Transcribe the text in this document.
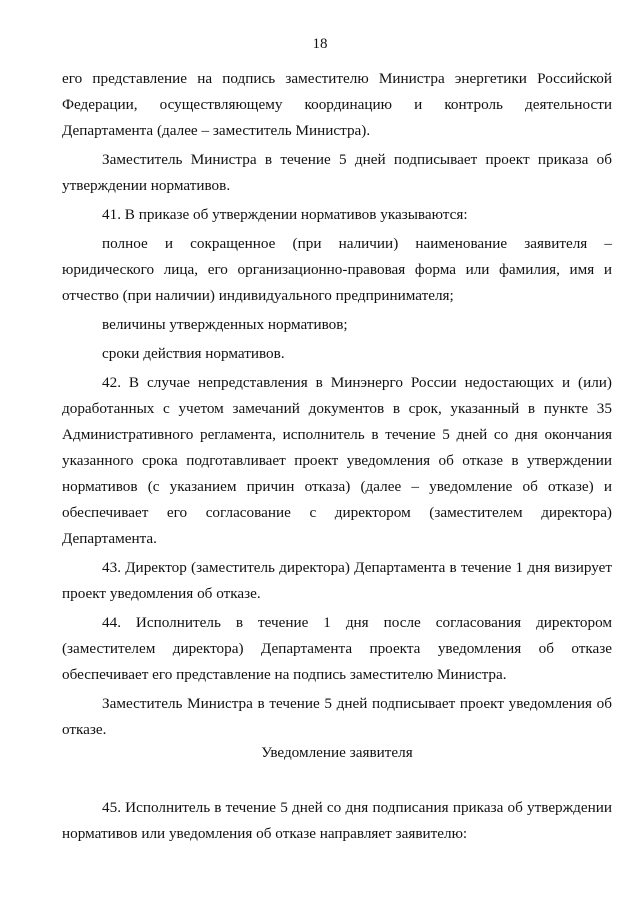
18

его представление на подпись заместителю Министра энергетики Российской Федерации, осуществляющему координацию и контроль деятельности Департамента (далее – заместитель Министра).

Заместитель Министра в течение 5 дней подписывает проект приказа об утверждении нормативов.

41. В приказе об утверждении нормативов указываются:

полное и сокращенное (при наличии) наименование заявителя – юридического лица, его организационно-правовая форма или фамилия, имя и отчество (при наличии) индивидуального предпринимателя;

величины утвержденных нормативов;

сроки действия нормативов.

42. В случае непредставления в Минэнерго России недостающих и (или) доработанных с учетом замечаний документов в срок, указанный в пункте 35 Административного регламента, исполнитель в течение 5 дней со дня окончания указанного срока подготавливает проект уведомления об отказе в утверждении нормативов (с указанием причин отказа) (далее – уведомление об отказе) и обеспечивает его согласование с директором (заместителем директора) Департамента.

43. Директор (заместитель директора) Департамента в течение 1 дня визирует проект уведомления об отказе.

44. Исполнитель в течение 1 дня после согласования директором (заместителем директора) Департамента проекта уведомления об отказе обеспечивает его представление на подпись заместителю Министра.

Заместитель Министра в течение 5 дней подписывает проект уведомления об отказе.

Уведомление заявителя

45. Исполнитель в течение 5 дней со дня подписания приказа об утверждении нормативов или уведомления об отказе направляет заявителю:
